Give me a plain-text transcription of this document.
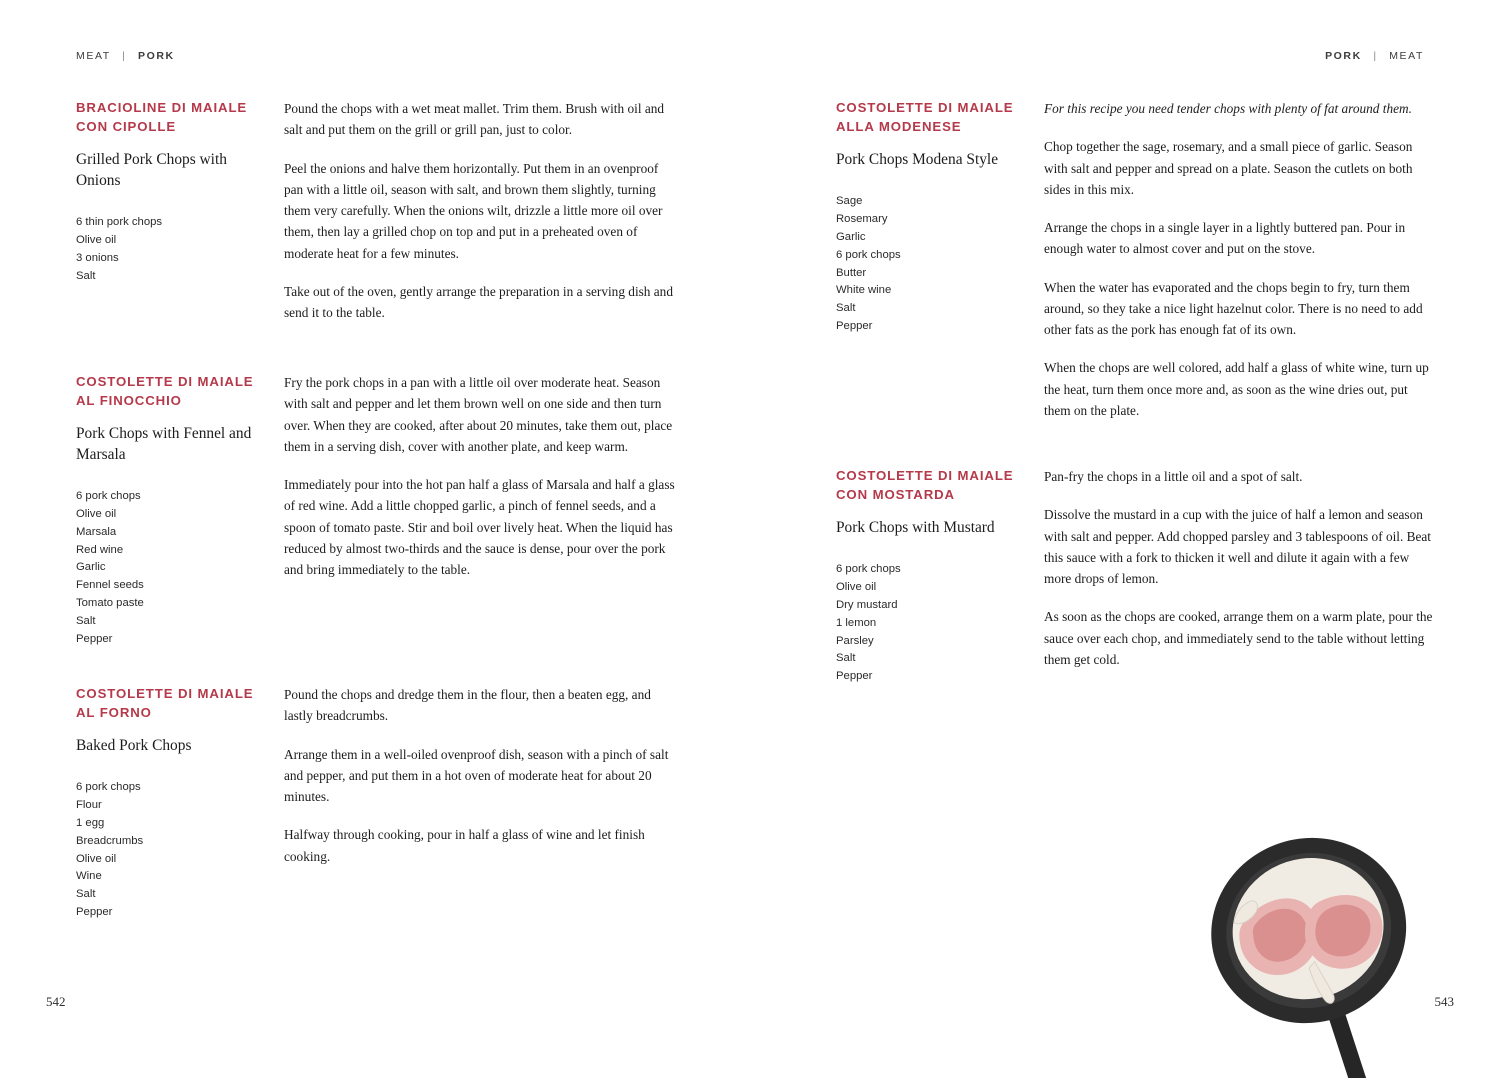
MEAT | PORK	PORK | MEAT
BRACIOLINE DI MAIALE CON CIPOLLE
Grilled Pork Chops with Onions
6 thin pork chops
Olive oil
3 onions
Salt

Pound the chops with a wet meat mallet. Trim them. Brush with oil and salt and put them on the grill or grill pan, just to color.

Peel the onions and halve them horizontally. Put them in an ovenproof pan with a little oil, season with salt, and brown them slightly, turning them very carefully. When the onions wilt, drizzle a little more oil over them, then lay a grilled chop on top and put in a preheated oven of moderate heat for a few minutes.

Take out of the oven, gently arrange the preparation in a serving dish and send it to the table.

COSTOLETTE DI MAIALE AL FINOCCHIO
Pork Chops with Fennel and Marsala
6 pork chops
Olive oil
Marsala
Red wine
Garlic
Fennel seeds
Tomato paste
Salt
Pepper

Fry the pork chops in a pan with a little oil over moderate heat. Season with salt and pepper and let them brown well on one side and then turn over. When they are cooked, after about 20 minutes, take them out, place them in a serving dish, cover with another plate, and keep warm.

Immediately pour into the hot pan half a glass of Marsala and half a glass of red wine. Add a little chopped garlic, a pinch of fennel seeds, and a spoon of tomato paste. Stir and boil over lively heat. When the liquid has reduced by almost two-thirds and the sauce is dense, pour over the pork and bring immediately to the table.

COSTOLETTE DI MAIALE AL FORNO
Baked Pork Chops
6 pork chops
Flour
1 egg
Breadcrumbs
Olive oil
Wine
Salt
Pepper

Pound the chops and dredge them in the flour, then a beaten egg, and lastly breadcrumbs.

Arrange them in a well-oiled ovenproof dish, season with a pinch of salt and pepper, and put them in a hot oven of moderate heat for about 20 minutes.

Halfway through cooking, pour in half a glass of wine and let finish cooking.

COSTOLETTE DI MAIALE ALLA MODENESE
Pork Chops Modena Style
Sage
Rosemary
Garlic
6 pork chops
Butter
White wine
Salt
Pepper

For this recipe you need tender chops with plenty of fat around them.

Chop together the sage, rosemary, and a small piece of garlic. Season with salt and pepper and spread on a plate. Season the cutlets on both sides in this mix.

Arrange the chops in a single layer in a lightly buttered pan. Pour in enough water to almost cover and put on the stove.

When the water has evaporated and the chops begin to fry, turn them around, so they take a nice light hazelnut color. There is no need to add other fats as the pork has enough fat of its own.

When the chops are well colored, add half a glass of white wine, turn up the heat, turn them once more and, as soon as the wine dries out, put them on the plate.

COSTOLETTE DI MAIALE CON MOSTARDA
Pork Chops with Mustard
6 pork chops
Olive oil
Dry mustard
1 lemon
Parsley
Salt
Pepper

Pan-fry the chops in a little oil and a spot of salt.

Dissolve the mustard in a cup with the juice of half a lemon and season with salt and pepper. Add chopped parsley and 3 tablespoons of oil. Beat this sauce with a fork to thicken it well and dilute it again with a few more drops of lemon.

As soon as the chops are cooked, arrange them on a warm plate, pour the sauce over each chop, and immediately send to the table without letting them get cold.

542	543
